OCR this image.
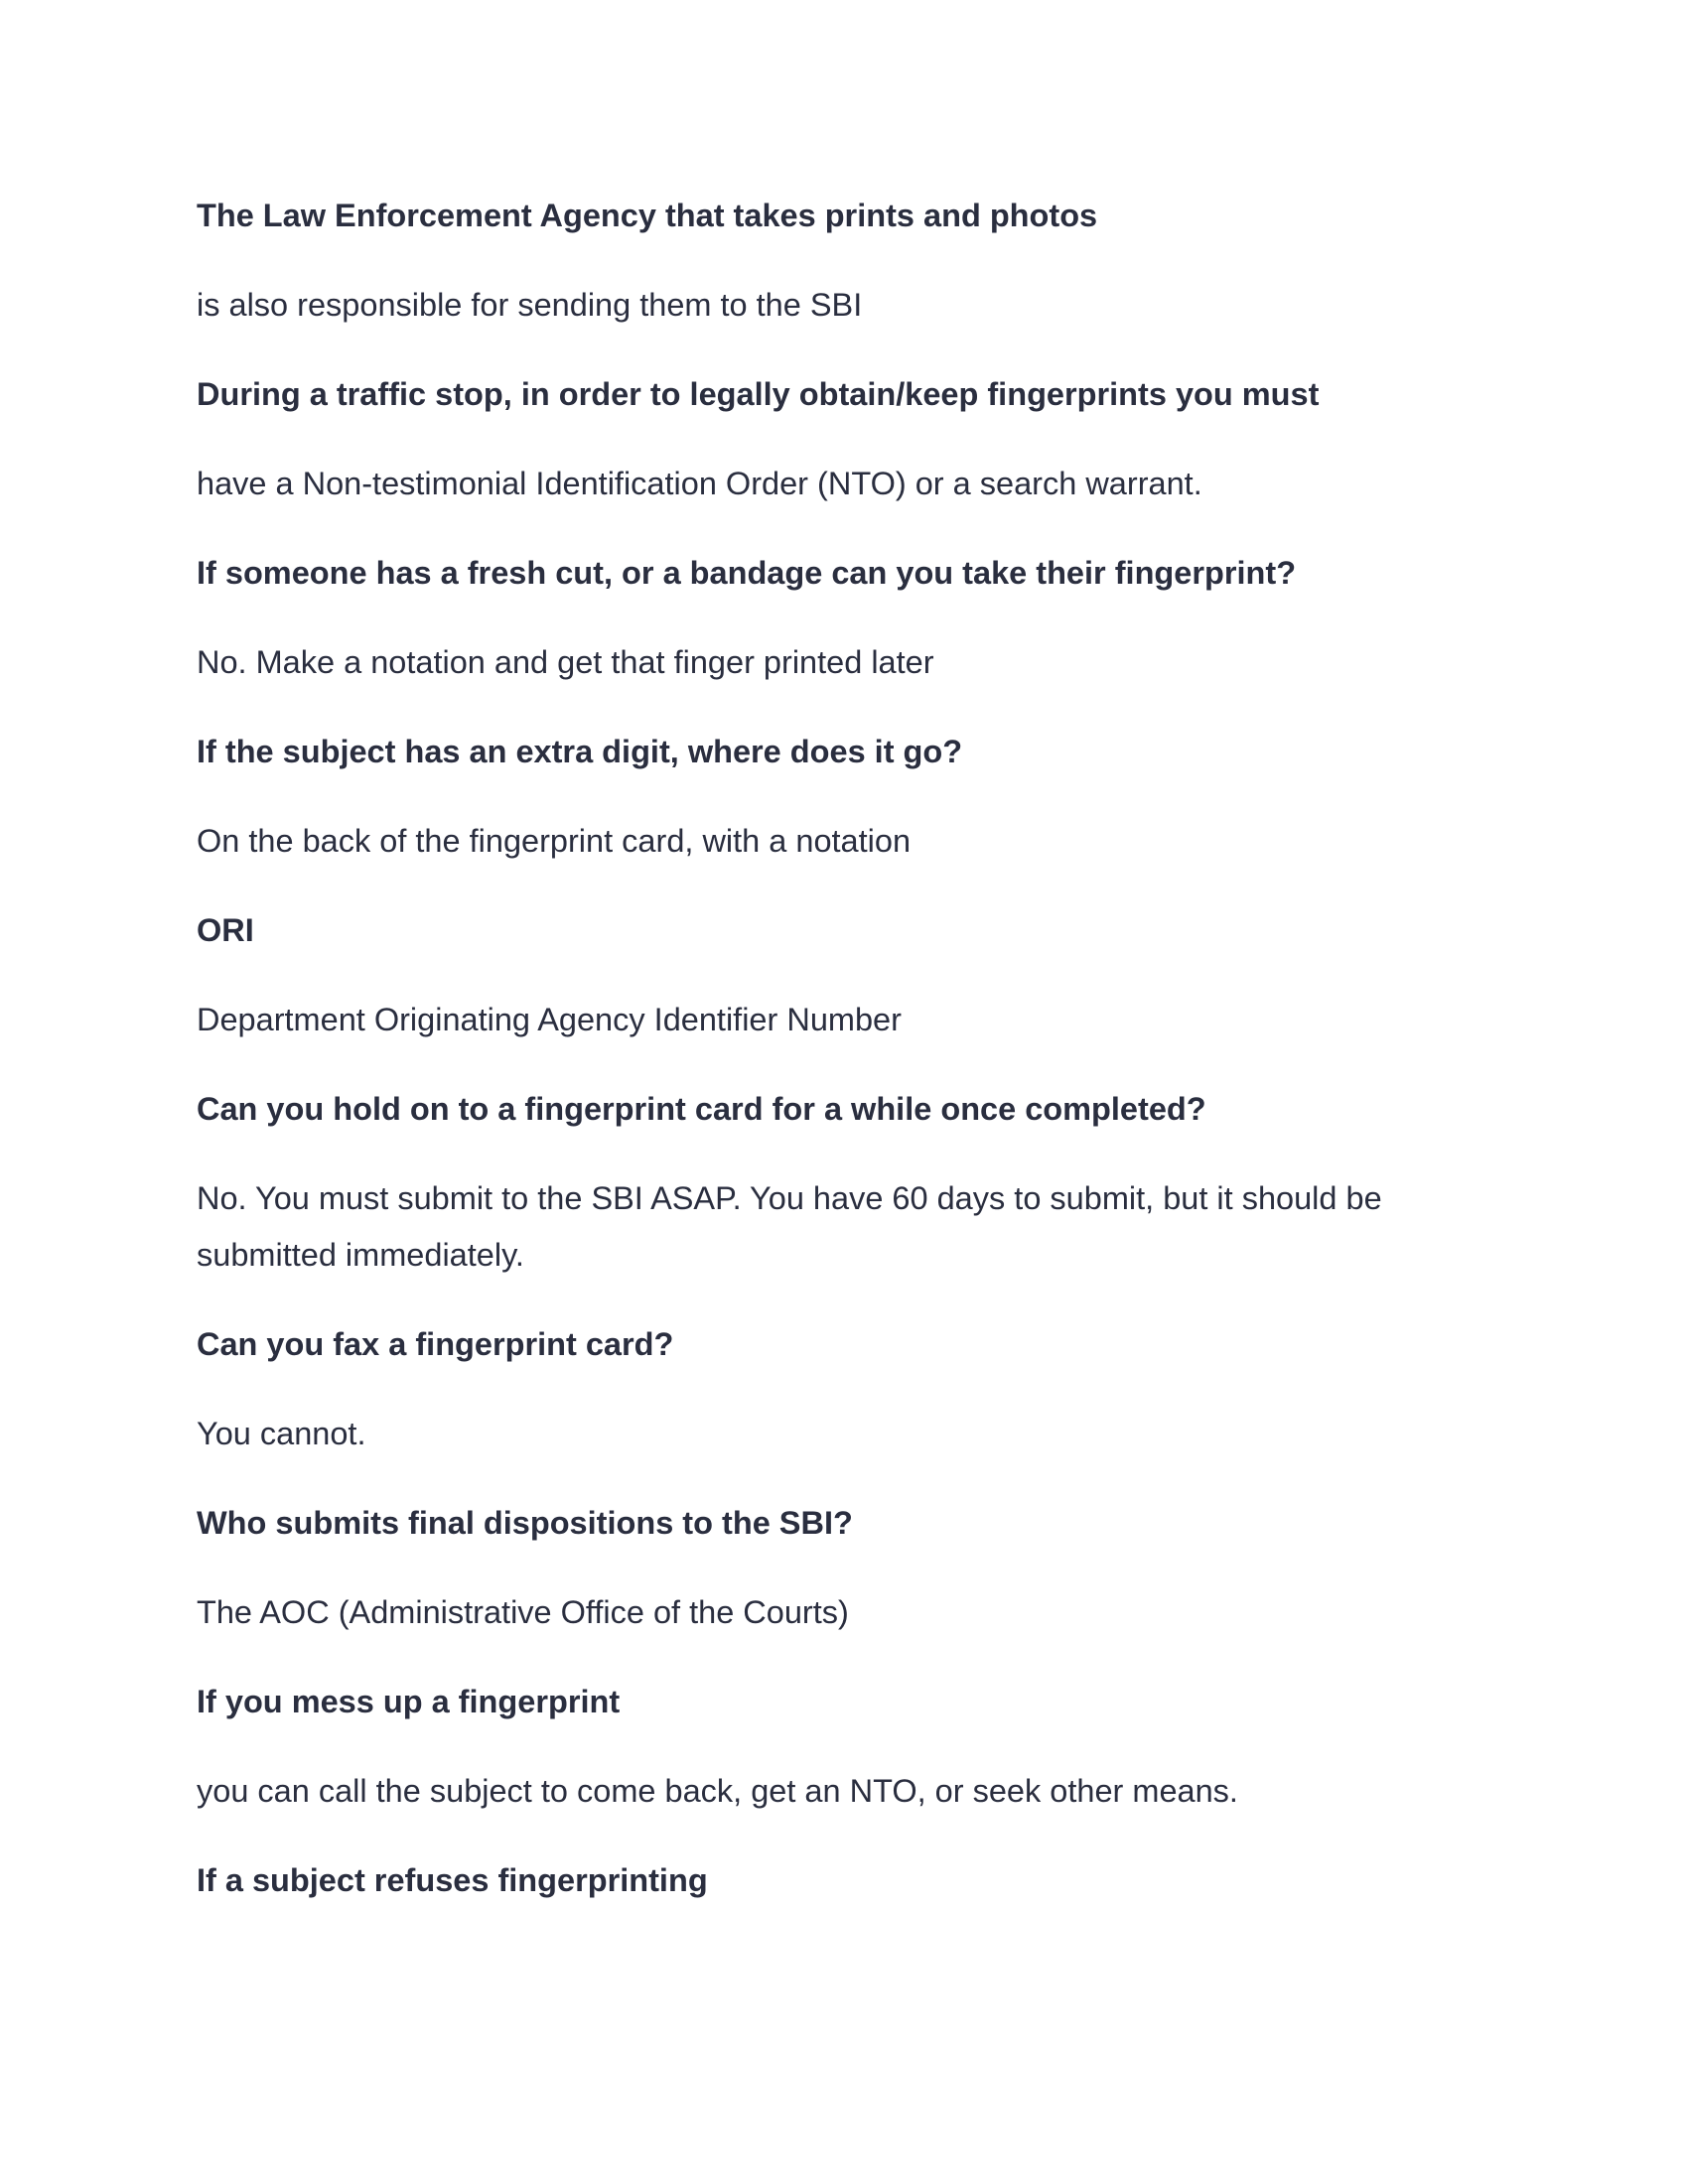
The Law Enforcement Agency that takes prints and photos

is also responsible for sending them to the SBI

During a traffic stop, in order to legally obtain/keep fingerprints you must

have a Non-testimonial Identification Order (NTO) or a search warrant.

If someone has a fresh cut, or a bandage can you take their fingerprint?

No. Make a notation and get that finger printed later

If the subject has an extra digit, where does it go?

On the back of the fingerprint card, with a notation

ORI

Department Originating Agency Identifier Number

Can you hold on to a fingerprint card for a while once completed?

No. You must submit to the SBI ASAP. You have 60 days to submit, but it should be submitted immediately.

Can you fax a fingerprint card?

You cannot.

Who submits final dispositions to the SBI?

The AOC (Administrative Office of the Courts)

If you mess up a fingerprint

you can call the subject to come back, get an NTO, or seek other means.

If a subject refuses fingerprinting
